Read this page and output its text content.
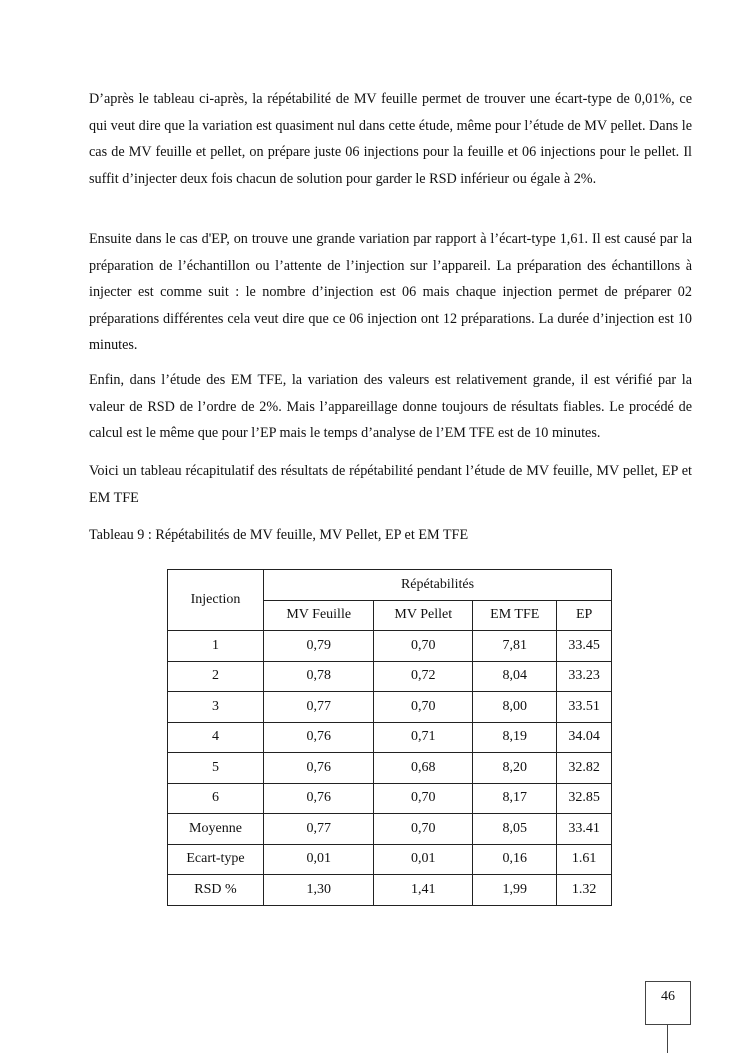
D’après le tableau ci-après, la répétabilité de MV feuille permet de trouver une écart-type de 0,01%, ce qui veut dire que la variation est quasiment nul dans cette étude, même pour l’étude de MV pellet. Dans le cas de MV feuille et pellet, on prépare juste 06 injections pour la feuille et 06 injections pour le pellet. Il suffit d’injecter deux fois chacun de solution pour garder le RSD inférieur ou égale à 2%.

Ensuite dans le cas d'EP, on trouve une grande variation par rapport à l’écart-type 1,61. Il est causé par la préparation de l’échantillon ou l’attente de l’injection sur l’appareil. La préparation des échantillons à injecter est comme suit : le nombre d’injection est 06 mais chaque injection permet de préparer 02 préparations différentes cela veut dire que ce 06 injection ont 12 préparations. La durée d’injection est 10 minutes.

Enfin, dans l’étude des EM TFE, la variation des valeurs est relativement grande, il est vérifié par la valeur de RSD de l’ordre de 2%. Mais l’appareillage donne toujours de résultats fiables. Le procédé de calcul est le même que pour l’EP mais le temps d’analyse de l’EM TFE est de 10 minutes.

Voici un tableau récapitulatif des résultats de répétabilité pendant l’étude de MV feuille, MV pellet, EP et EM TFE

Tableau 9 : Répétabilités de MV feuille, MV Pellet, EP et EM TFE

Injection	Répétabilités			
	MV Feuille	MV Pellet	EM TFE	EP
1	0,79	0,70	7,81	33.45
2	0,78	0,72	8,04	33.23
3	0,77	0,70	8,00	33.51
4	0,76	0,71	8,19	34.04
5	0,76	0,68	8,20	32.82
6	0,76	0,70	8,17	32.85
Moyenne	0,77	0,70	8,05	33.41
Ecart-type	0,01	0,01	0,16	1.61
RSD %	1,30	1,41	1,99	1.32
46
